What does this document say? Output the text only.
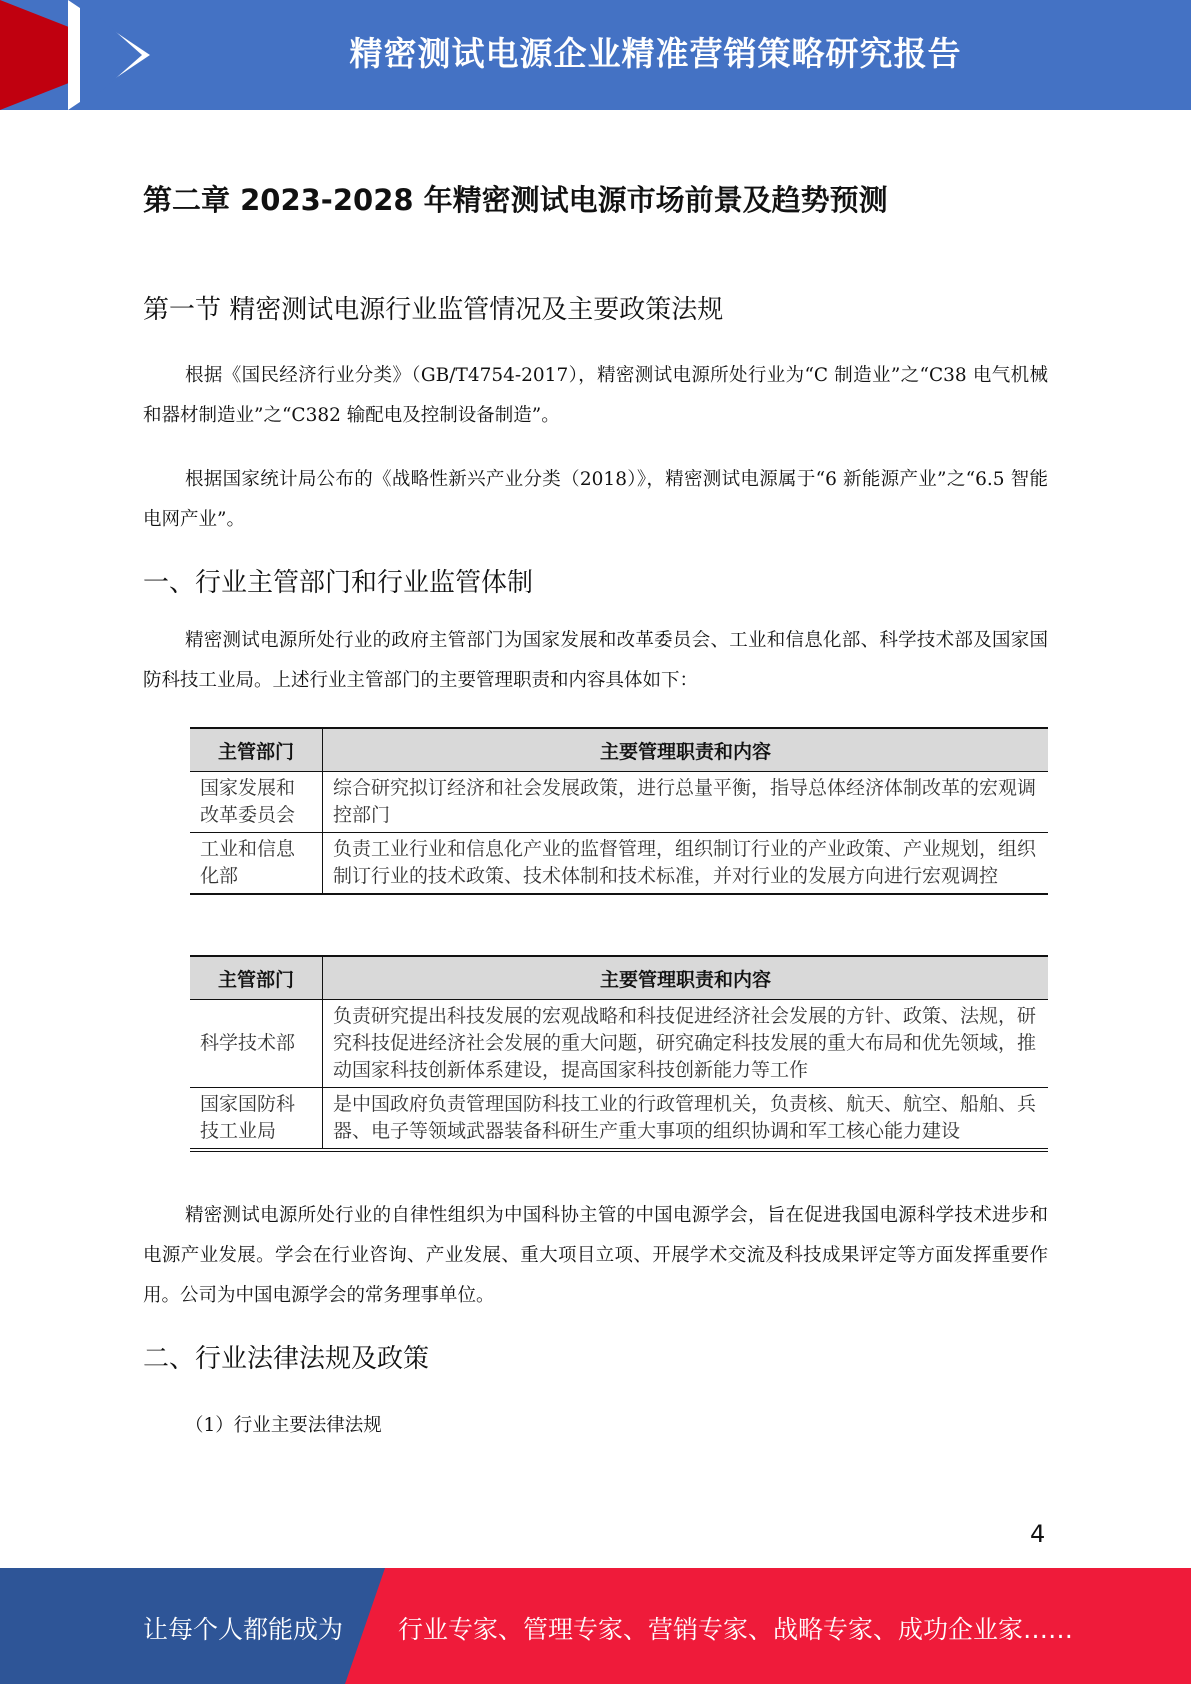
精密测试电源企业精准营销策略研究报告
第二章 2023-2028 年精密测试电源市场前景及趋势预测
第一节 精密测试电源行业监管情况及主要政策法规

根据《国民经济行业分类》（GB/T4754-2017），精密测试电源所处行业为“C 制造业”之“C38 电气机械和器材制造业”之“C382 输配电及控制设备制造”。

根据国家统计局公布的《战略性新兴产业分类（2018）》，精密测试电源属于“6 新能源产业”之“6.5 智能电网产业”。

一、行业主管部门和行业监管体制

精密测试电源所处行业的政府主管部门为国家发展和改革委员会、工业和信息化部、科学技术部及国家国防科技工业局。上述行业主管部门的主要管理职责和内容具体如下：

主管部门	主要管理职责和内容
国家发展和改革委员会	综合研究拟订经济和社会发展政策，进行总量平衡，指导总体经济体制改革的宏观调控部门
工业和信息化部	负责工业行业和信息化产业的监督管理，组织制订行业的产业政策、产业规划，组织制订行业的技术政策、技术体制和技术标准，并对行业的发展方向进行宏观调控
主管部门	主要管理职责和内容
科学技术部	负责研究提出科技发展的宏观战略和科技促进经济社会发展的方针、政策、法规，研究科技促进经济社会发展的重大问题，研究确定科技发展的重大布局和优先领域，推动国家科技创新体系建设，提高国家科技创新能力等工作
国家国防科技工业局	是中国政府负责管理国防科技工业的行政管理机关，负责核、航天、航空、船舶、兵器、电子等领域武器装备科研生产重大事项的组织协调和军工核心能力建设

精密测试电源所处行业的自律性组织为中国科协主管的中国电源学会，旨在促进我国电源科学技术进步和电源产业发展。学会在行业咨询、产业发展、重大项目立项、开展学术交流及科技成果评定等方面发挥重要作用。公司为中国电源学会的常务理事单位。

二、行业法律法规及政策
（1）行业主要法律法规
4
让每个人都能成为 行业专家、管理专家、营销专家、战略专家、成功企业家……
